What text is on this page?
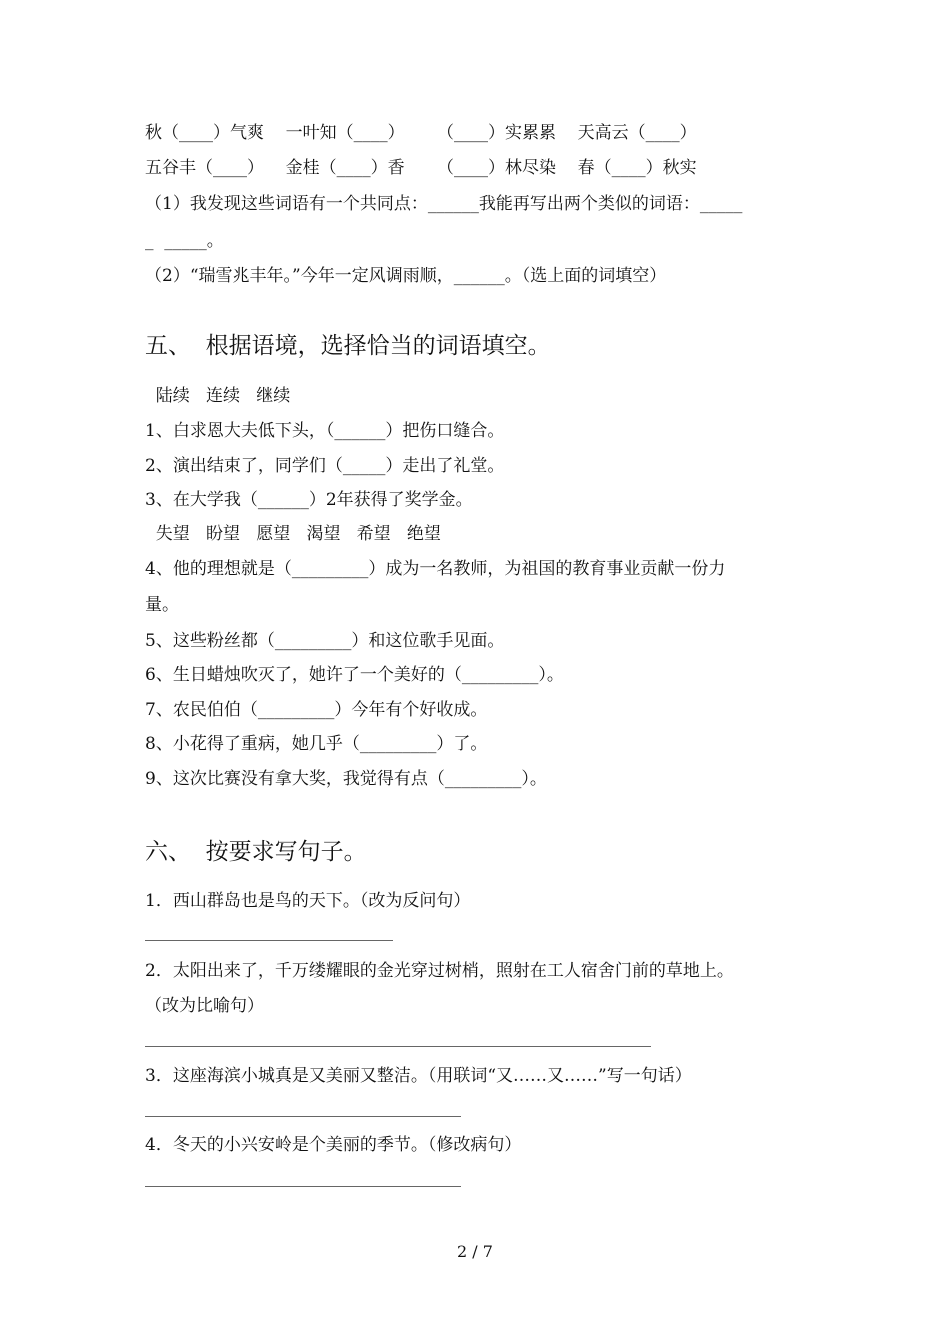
秋（____）气爽    一叶知（____）      （____）实累累    天高云（____）
五谷丰（____）    金桂（____）香      （____）林尽染    春（____）秋实
（1）我发现这些词语有一个共同点：______我能再写出两个类似的词语：_____
_  _____。
（2）“瑞雪兆丰年。”今年一定风调雨顺，______。（选上面的词填空）
五、  根据语境，选择恰当的词语填空。
陆续   连续   继续
1、白求恩大夫低下头，（______）把伤口缝合。
2、演出结束了，同学们（_____）走出了礼堂。
3、在大学我（______）2年获得了奖学金。
失望   盼望   愿望   渴望   希望   绝望
4、他的理想就是（_________）成为一名教师，为祖国的教育事业贡献一份力
量。
5、这些粉丝都（_________）和这位歌手见面。
6、生日蜡烛吹灭了，她许了一个美好的（_________）。
7、农民伯伯（_________）今年有个好收成。
8、小花得了重病，她几乎（_________）了。
9、这次比赛没有拿大奖，我觉得有点（_________）。
六、  按要求写句子。
1．西山群岛也是鸟的天下。（改为反问句）
2．太阳出来了，千万缕耀眼的金光穿过树梢，照射在工人宿舍门前的草地上。
（改为比喻句）
3．这座海滨小城真是又美丽又整洁。（用联词“又……又……”写一句话）
4．冬天的小兴安岭是个美丽的季节。（修改病句）
2 / 7
